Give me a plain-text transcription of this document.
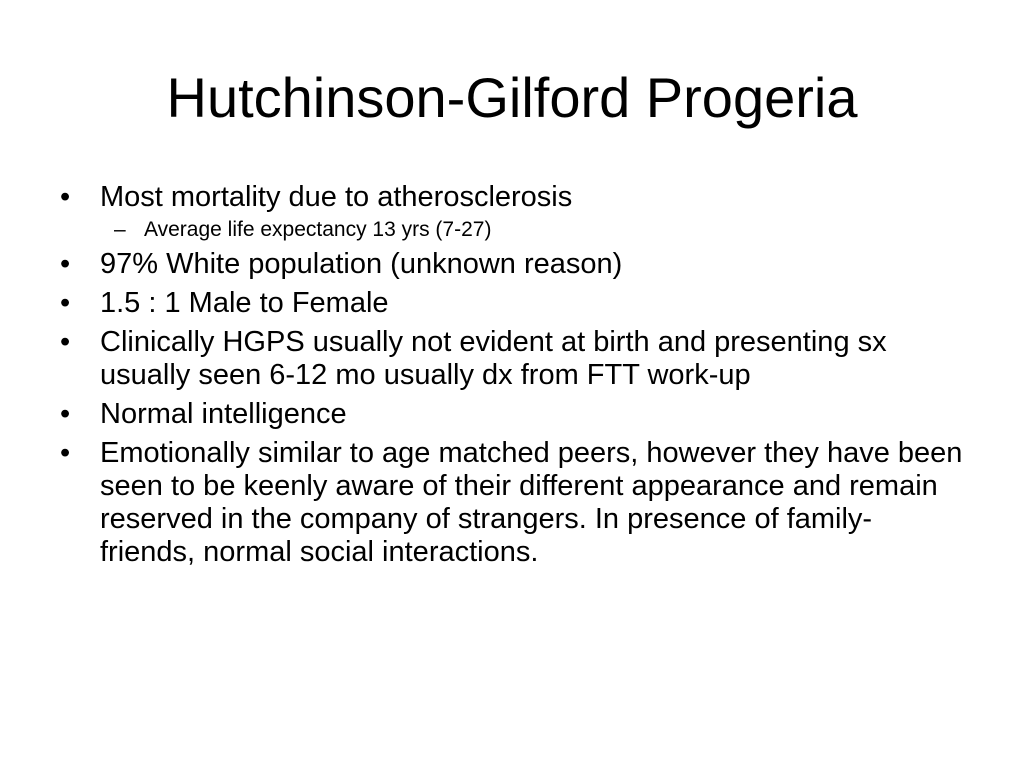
Hutchinson-Gilford Progeria
• Most mortality due to atherosclerosis
– Average life expectancy 13 yrs (7-27)
• 97% White population (unknown reason)
• 1.5 : 1 Male to Female
• Clinically HGPS usually not evident at birth and presenting sx usually seen 6-12 mo usually dx from FTT work-up
• Normal intelligence
• Emotionally similar to age matched peers, however they have been seen to be keenly aware of their different appearance and remain reserved in the company of strangers. In presence of family-friends, normal social interactions.
